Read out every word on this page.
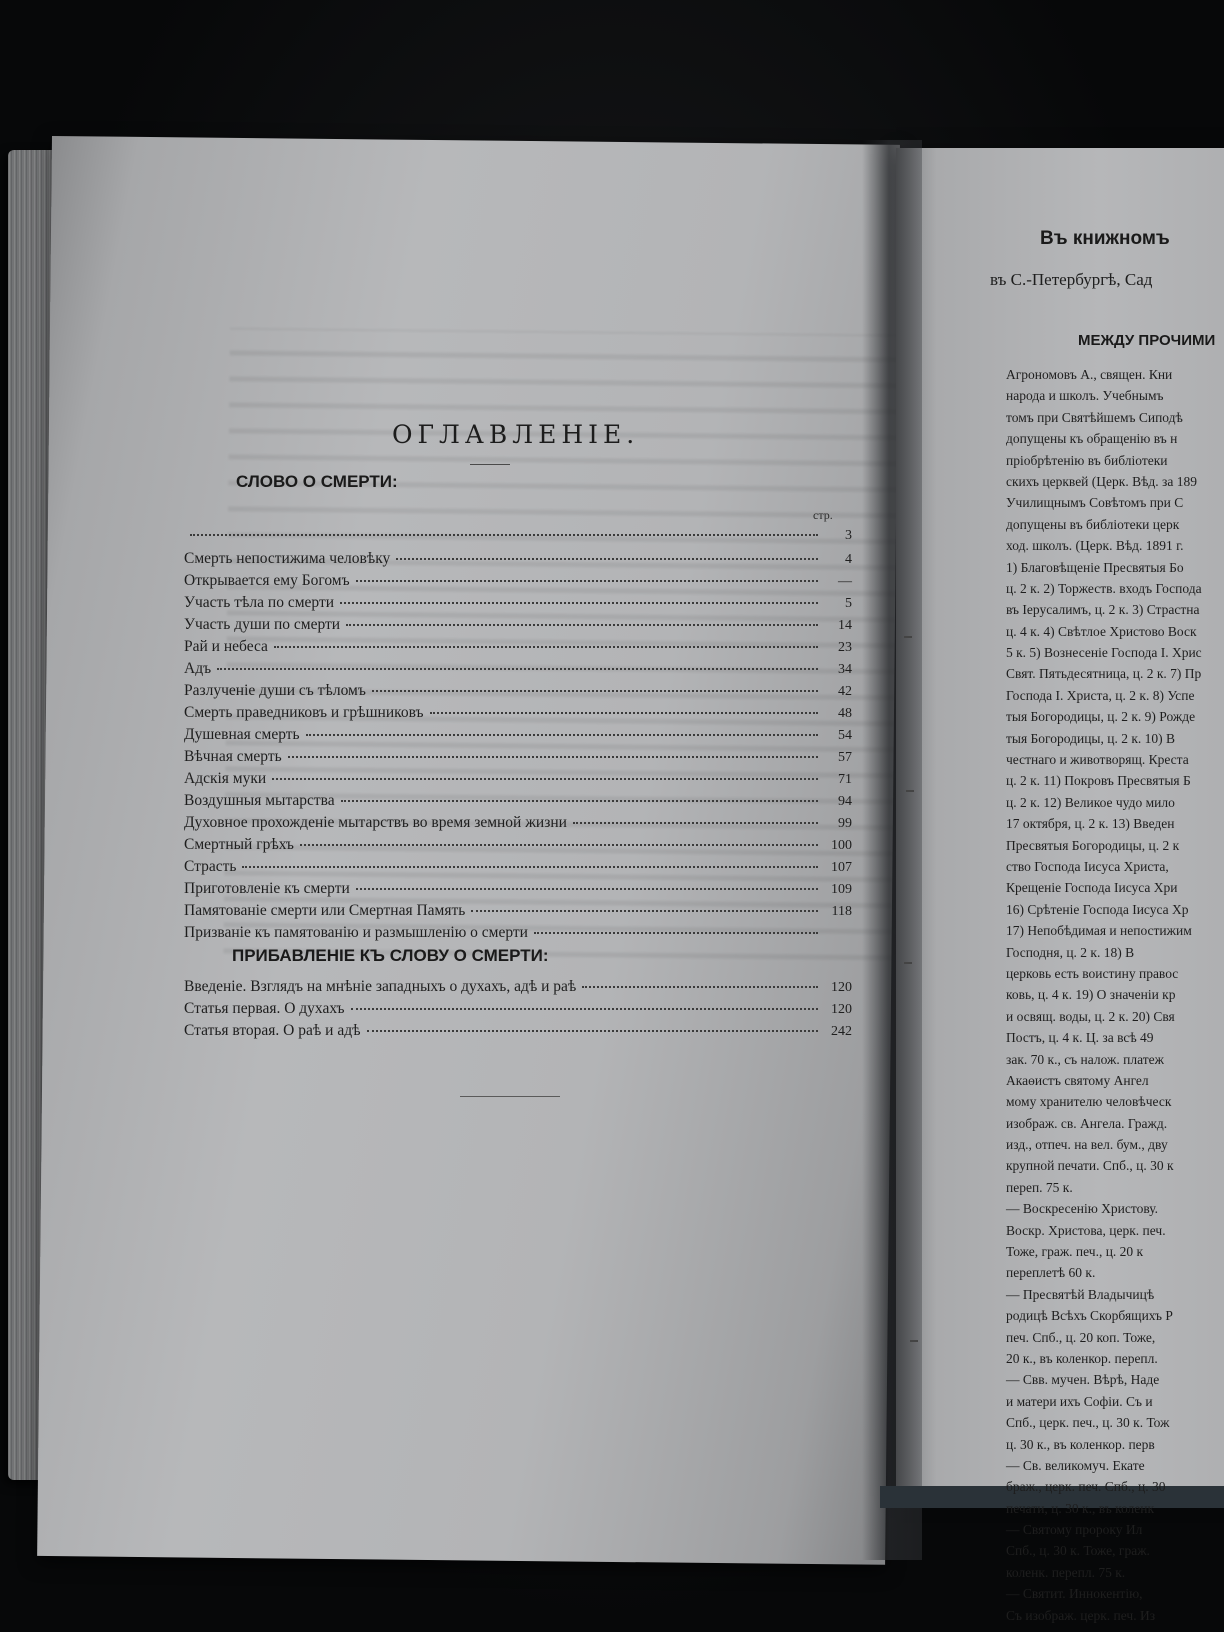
ОГЛАВЛЕНІЕ.
СЛОВО О СМЕРТИ:
стр.
3
Смерть непостижима человѣку	4
Открывается ему Богомъ	—
Участь тѣла по смерти	5
Участь души по смерти	14
Рай и небеса	23
Адъ	34
Разлученіе души съ тѣломъ	42
Смерть праведниковъ и грѣшниковъ	48
Душевная смерть	54
Вѣчная смерть	57
Адскія муки	71
Воздушныя мытарства	94
Духовное прохожденіе мытарствъ во время земной жизни	99
Смертный грѣхъ	100
Страсть	107
Приготовленіе къ смерти	109
Памятованіе смерти или Смертная Память	118
Призваніе къ памятованію и размышленію о смерти
ПРИБАВЛЕНІЕ КЪ СЛОВУ О СМЕРТИ:
Введеніе. Взглядъ на мнѣніе западныхъ о духахъ, адѣ и раѣ	120
Статья первая. О духахъ	120
Статья вторая. О раѣ и адѣ	242
Въ книжномъ
въ С.-Петербургѣ, Сад
МЕЖДУ ПРОЧИМИ
Агрономовъ А., священ. Кни
народа и школъ. Учебнымъ
томъ при Святѣйшемъ Сиподѣ
допущены къ обращенію въ н
пріобрѣтенію въ библіотеки
скихъ церквей (Церк. Вѣд. за 189
Училищнымъ Совѣтомъ при С
допущены въ библіотеки церк
ход. школъ. (Церк. Вѣд. 1891 г.
1) Благовѣщеніе Пресвятыя Бо
ц. 2 к. 2) Торжеств. входъ Господа
въ Іерусалимъ, ц. 2 к. 3) Страстна
ц. 4 к. 4) Свѣтлое Христово Воск
5 к. 5) Вознесеніе Господа І. Хрис
Свят. Пятьдесятница, ц. 2 к. 7) Пр
Господа І. Христа, ц. 2 к. 8) Успе
тыя Богородицы, ц. 2 к. 9) Рожде
тыя Богородицы, ц. 2 к. 10) В
честнаго и животворящ. Креста
ц. 2 к. 11) Покровъ Пресвятыя Б
ц. 2 к. 12) Великое чудо мило
17 октября, ц. 2 к. 13) Введен
Пресвятыя Богородицы, ц. 2 к
ство Господа Іисуса Христа,
Крещеніе Господа Іисуса Хри
16) Срѣтеніе Господа Іисуса Хр
17) Непобѣдимая и непостижим
Господня, ц. 2 к. 18) В
церковь есть воистину правос
ковь, ц. 4 к. 19) О значеніи кр
и освящ. воды, ц. 2 к. 20) Свя
Постъ, ц. 4 к. Ц. за всѣ 49
зак. 70 к., съ налож. платеж
Акаѳистъ святому Ангел
мому хранителю человѣческ
изображ. св. Ангела. Гражд.
изд., отпеч. на вел. бум., дву
крупной печати. Спб., ц. 30 к
переп. 75 к.
— Воскресенію Христову.
Воскр. Христова, церк. печ.
Тоже, граж. печ., ц. 20 к
переплетѣ 60 к.
— Пресвятѣй Владычицѣ
родицѣ Всѣхъ Скорбящихъ Р
печ. Спб., ц. 20 коп. Тоже,
20 к., въ коленкор. перепл.
— Свв. мучен. Вѣрѣ, Наде
и матери ихъ Софіи. Съ и
Спб., церк. печ., ц. 30 к. Тож
ц. 30 к., въ коленкор. перв
— Св. великомуч. Екате
браж., церк. печ. Спб., ц. 30
печати, ц. 30 к., въ коленк
— Святому пророку Ил
Спб., ц. 30 к. Тоже, граж.
коленк. перепл. 75 к.
— Святит. Иннокентію,
Съ изображ. церк. печ. Из
